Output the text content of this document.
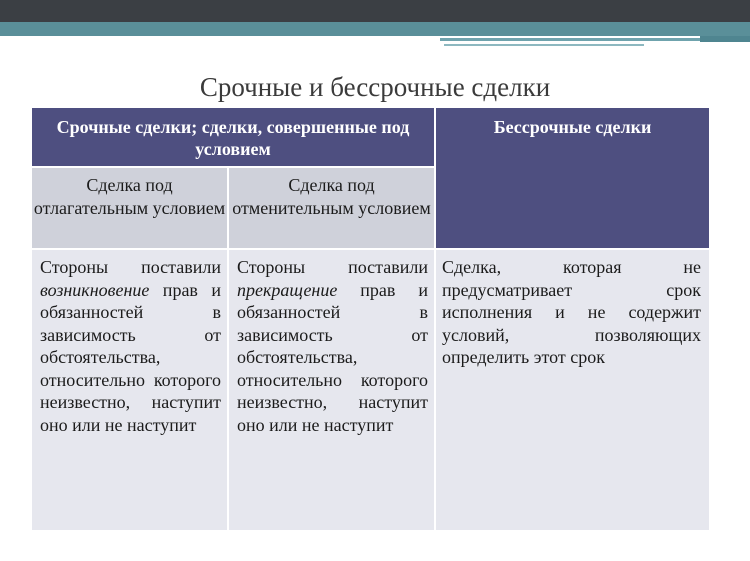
Срочные и бессрочные сделки
Срочные сделки; сделки, совершенные под условием
Бессрочные сделки
Сделка под отлагательным условием
Сделка под отменительным условием
Стороны поставили возникновение прав и обязанностей в зависимость от обстоятельства, относительно которого неизвестно, наступит оно или не наступит
Стороны поставили прекращение прав и обязанностей в зависимость от обстоятельства, относительно которого неизвестно, наступит оно или не наступит
Сделка, которая не предусматривает срок исполнения и не содержит условий, позволяющих определить этот срок
